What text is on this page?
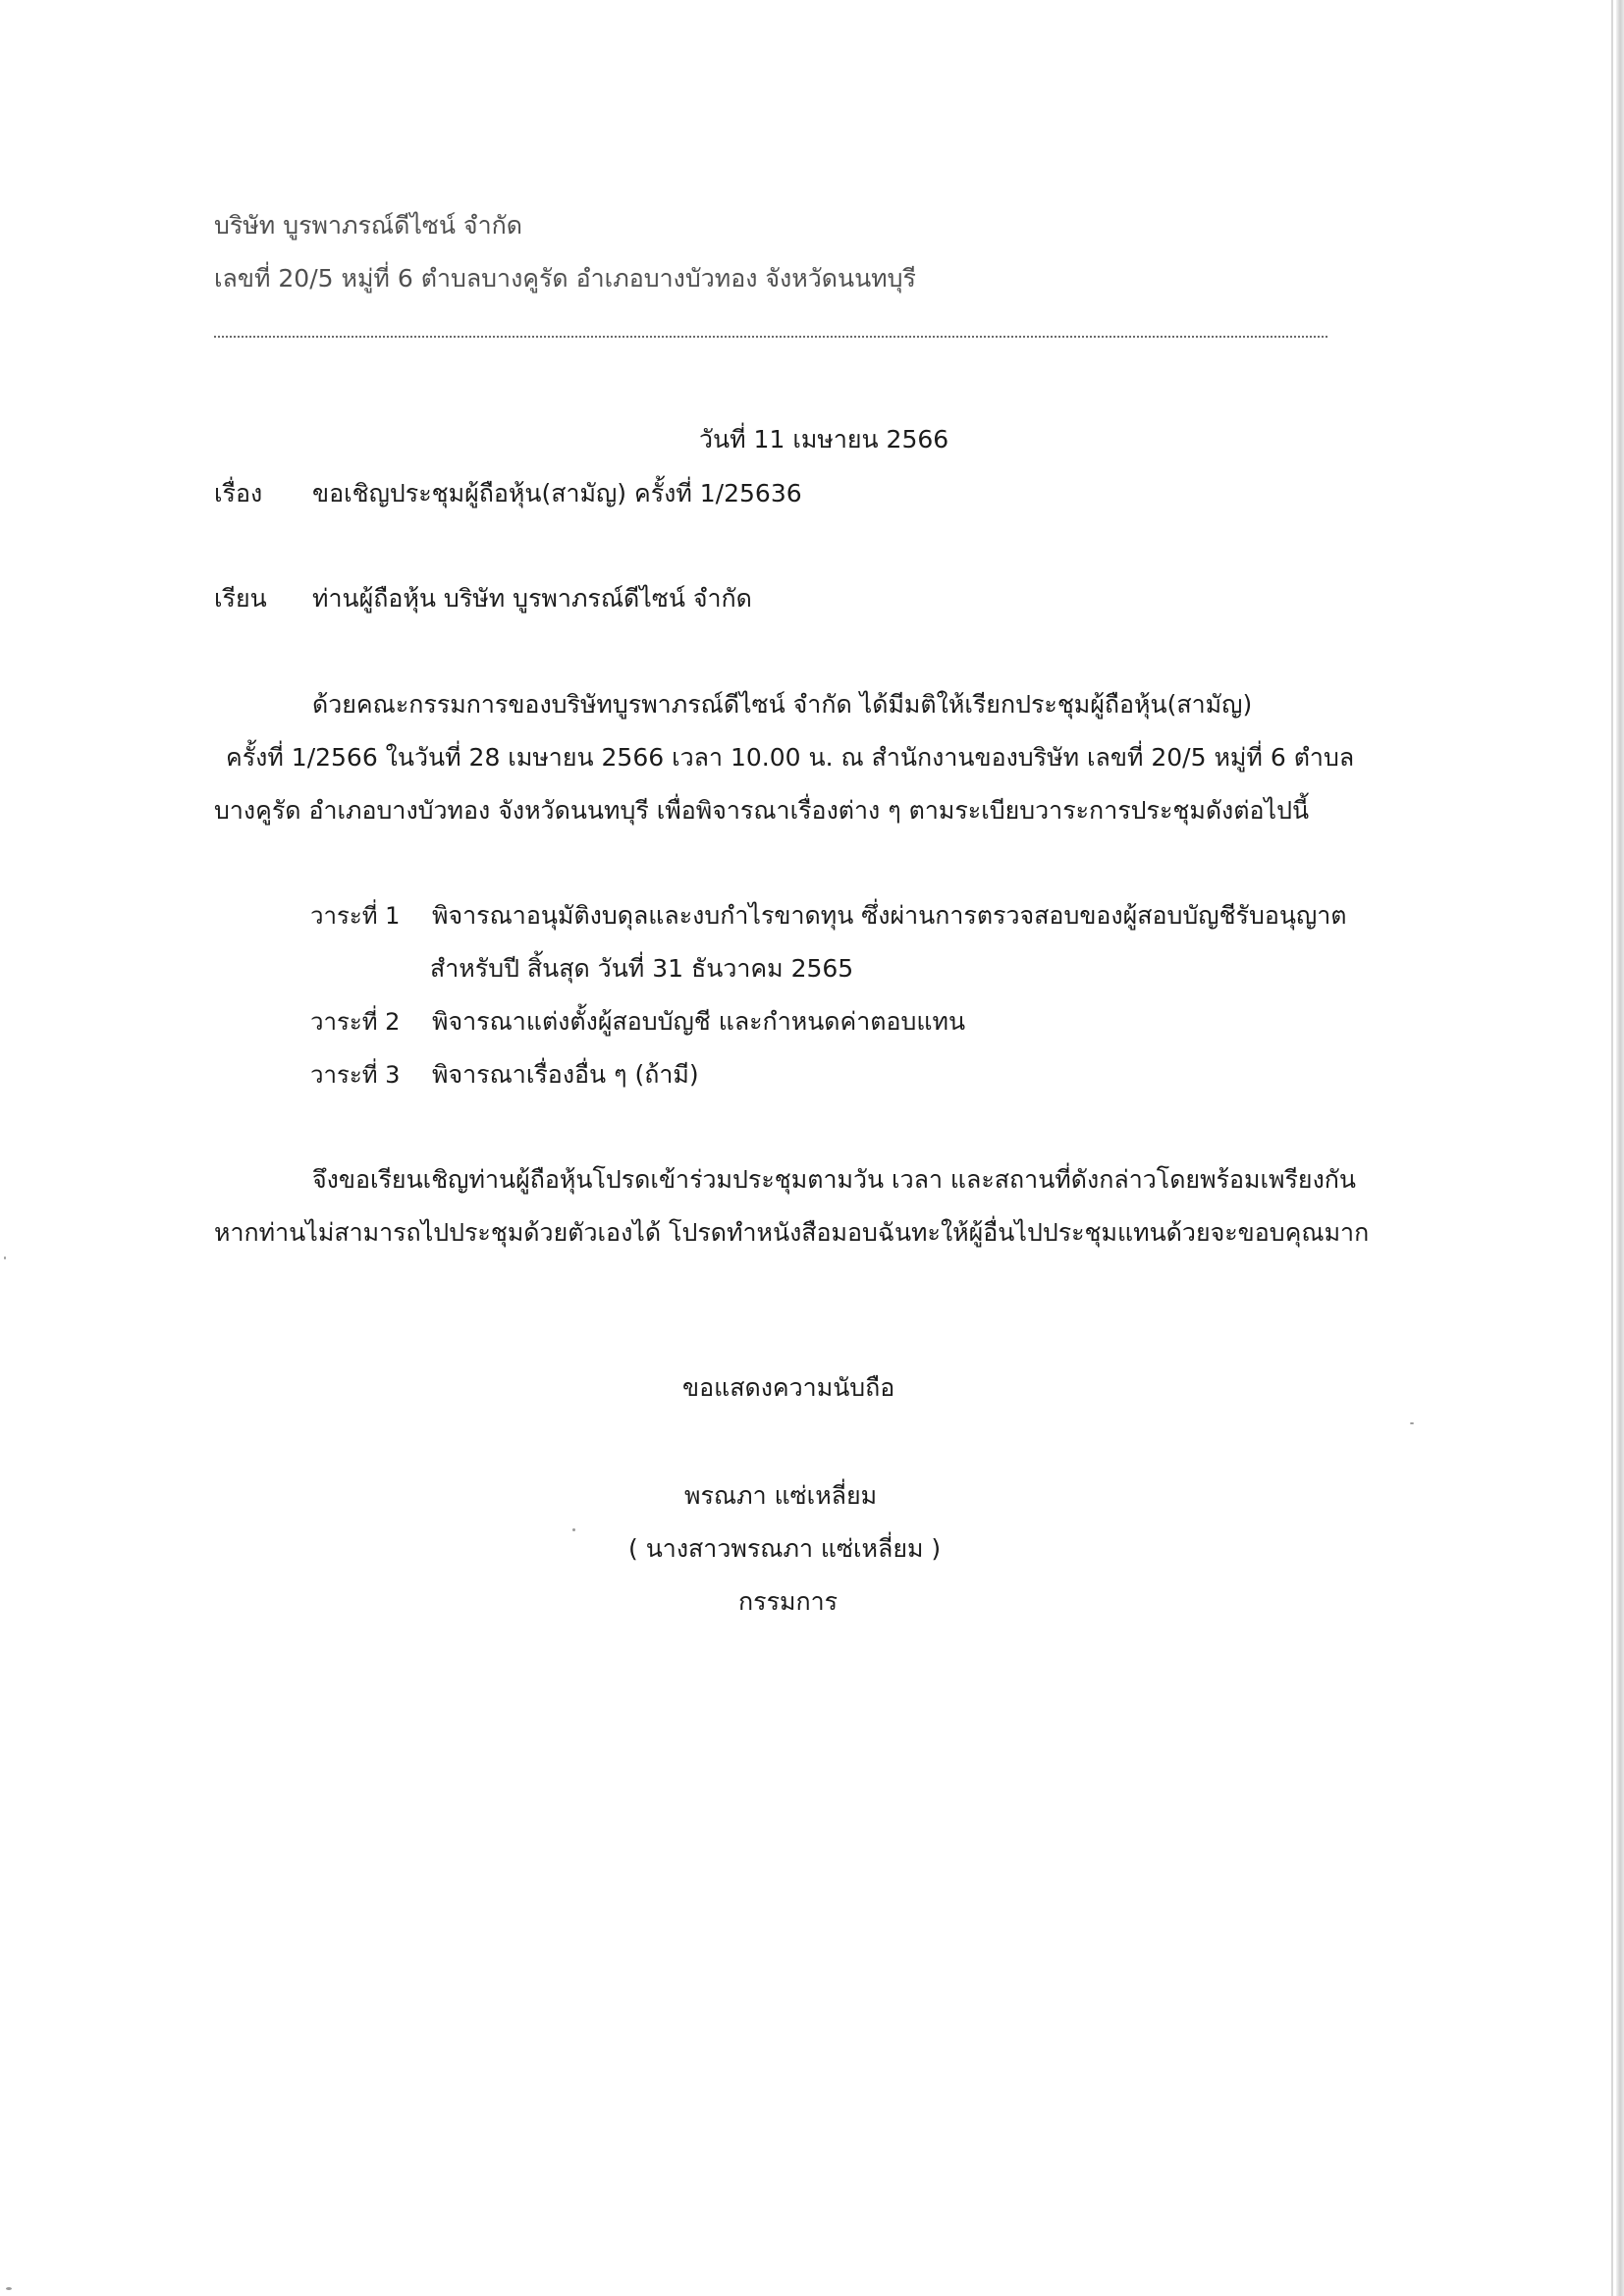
บริษัท บูรพาภรณ์ดีไซน์ จำกัด
เลขที่ 20/5 หมู่ที่ 6 ตำบลบางคูรัด อำเภอบางบัวทอง จังหวัดนนทบุรี
วันที่ 11 เมษายน 2566
เรื่อง ขอเชิญประชุมผู้ถือหุ้น(สามัญ) ครั้งที่ 1/25636
เรียน ท่านผู้ถือหุ้น บริษัท บูรพาภรณ์ดีไซน์ จำกัด
ด้วยคณะกรรมการของบริษัทบูรพาภรณ์ดีไซน์ จำกัด ได้มีมติให้เรียกประชุมผู้ถือหุ้น(สามัญ)
ครั้งที่ 1/2566 ในวันที่ 28 เมษายน 2566 เวลา 10.00 น. ณ สำนักงานของบริษัท เลขที่ 20/5 หมู่ที่ 6 ตำบล
บางคูรัด อำเภอบางบัวทอง จังหวัดนนทบุรี เพื่อพิจารณาเรื่องต่าง ๆ ตามระเบียบวาระการประชุมดังต่อไปนี้
วาระที่ 1 พิจารณาอนุมัติงบดุลและงบกำไรขาดทุน ซึ่งผ่านการตรวจสอบของผู้สอบบัญชีรับอนุญาต
สำหรับปี สิ้นสุด วันที่ 31 ธันวาคม 2565
วาระที่ 2 พิจารณาแต่งตั้งผู้สอบบัญชี และกำหนดค่าตอบแทน
วาระที่ 3 พิจารณาเรื่องอื่น ๆ (ถ้ามี)
จึงขอเรียนเชิญท่านผู้ถือหุ้นโปรดเข้าร่วมประชุมตามวัน เวลา และสถานที่ดังกล่าวโดยพร้อมเพรียงกัน
หากท่านไม่สามารถไปประชุมด้วยตัวเองได้ โปรดทำหนังสือมอบฉันทะให้ผู้อื่นไปประชุมแทนด้วยจะขอบคุณมาก
ขอแสดงความนับถือ
พรณภา แซ่เหลี่ยม
( นางสาวพรณภา แซ่เหลี่ยม )
กรรมการ
